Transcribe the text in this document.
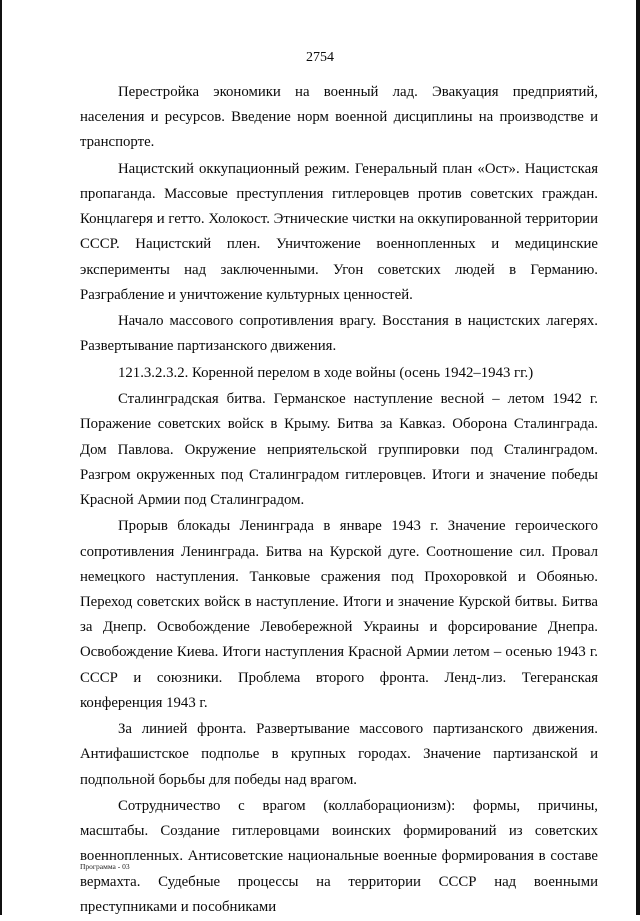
2754

Перестройка экономики на военный лад. Эвакуация предприятий, населения и ресурсов. Введение норм военной дисциплины на производстве и транспорте.

Нацистский оккупационный режим. Генеральный план «Ост». Нацистская пропаганда. Массовые преступления гитлеровцев против советских граждан. Концлагеря и гетто. Холокост. Этнические чистки на оккупированной территории СССР. Нацистский плен. Уничтожение военнопленных и медицинские эксперименты над заключенными. Угон советских людей в Германию. Разграбление и уничтожение культурных ценностей.

Начало массового сопротивления врагу. Восстания в нацистских лагерях. Развертывание партизанского движения.

121.3.2.3.2. Коренной перелом в ходе войны (осень 1942–1943 гг.)

Сталинградская битва. Германское наступление весной – летом 1942 г. Поражение советских войск в Крыму. Битва за Кавказ. Оборона Сталинграда. Дом Павлова. Окружение неприятельской группировки под Сталинградом. Разгром окруженных под Сталинградом гитлеровцев. Итоги и значение победы Красной Армии под Сталинградом.

Прорыв блокады Ленинграда в январе 1943 г. Значение героического сопротивления Ленинграда. Битва на Курской дуге. Соотношение сил. Провал немецкого наступления. Танковые сражения под Прохоровкой и Обоянью. Переход советских войск в наступление. Итоги и значение Курской битвы. Битва за Днепр. Освобождение Левобережной Украины и форсирование Днепра. Освобождение Киева. Итоги наступления Красной Армии летом – осенью 1943 г. СССР и союзники. Проблема второго фронта. Ленд-лиз. Тегеранская конференция 1943 г.

За линией фронта. Развертывание массового партизанского движения. Антифашистское подполье в крупных городах. Значение партизанской и подпольной борьбы для победы над врагом.

Сотрудничество с врагом (коллаборационизм): формы, причины, масштабы. Создание гитлеровцами воинских формирований из советских военнопленных. Антисоветские национальные военные формирования в составе вермахта. Судебные процессы на территории СССР над военными преступниками и пособниками

Программа - 03
